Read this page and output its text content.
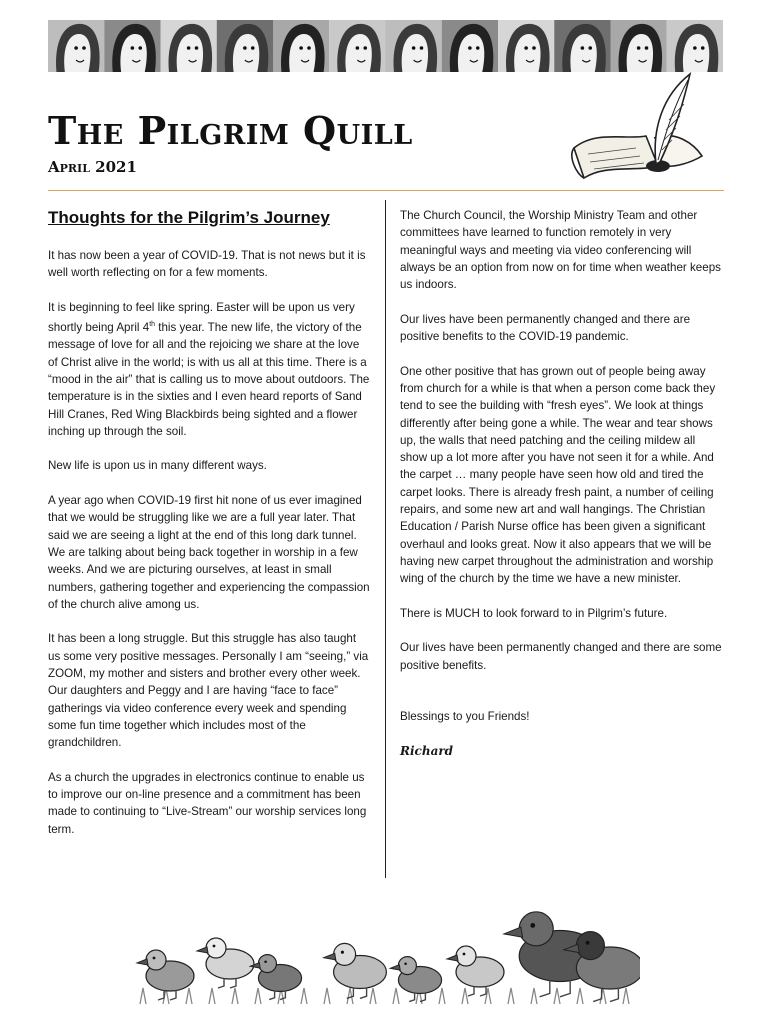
The Pilgrim Quill
April 2021
Thoughts for the Pilgrim’s Journey

It has now been a year of COVID-19. That is not news but it is well worth reflecting on for a few moments.

It is beginning to feel like spring. Easter will be upon us very shortly being April 4th this year. The new life, the victory of the message of love for all and the rejoicing we share at the love of Christ alive in the world; is with us all at this time. There is a “mood in the air” that is calling us to move about outdoors. The temperature is in the sixties and I even heard reports of Sand Hill Cranes, Red Wing Blackbirds being sighted and a flower inching up through the soil.

New life is upon us in many different ways.

A year ago when COVID-19 first hit none of us ever imagined that we would be struggling like we are a full year later. That said we are seeing a light at the end of this long dark tunnel. We are talking about being back together in worship in a few weeks. And we are picturing ourselves, at least in small numbers, gathering together and experiencing the compassion of the church alive among us.

It has been a long struggle. But this struggle has also taught us some very positive messages. Personally I am “seeing,” via ZOOM, my mother and sisters and brother every other week. Our daughters and Peggy and I are having “face to face” gatherings via video conference every week and spending some fun time together which includes most of the grandchildren.

As a church the upgrades in electronics continue to enable us to improve our on-line presence and a commitment has been made to continuing to “Live-Stream” our worship services long term.

The Church Council, the Worship Ministry Team and other committees have learned to function remotely in very meaningful ways and meeting via video conferencing will always be an option from now on for time when weather keeps us indoors.

Our lives have been permanently changed and there are positive benefits to the COVID-19 pandemic.

One other positive that has grown out of people being away from church for a while is that when a person come back they tend to see the building with “fresh eyes”. We look at things differently after being gone a while. The wear and tear shows up, the walls that need patching and the ceiling mildew all show up a lot more after you have not seen it for a while. And the carpet … many people have seen how old and tired the carpet looks. There is already fresh paint, a number of ceiling repairs, and some new art and wall hangings. The Christian Education / Parish Nurse office has been given a significant overhaul and looks great. Now it also appears that we will be having new carpet throughout the administration and worship wing of the church by the time we have a new minister.

There is MUCH to look forward to in Pilgrim’s future.

Our lives have been permanently changed and there are some positive benefits.

Blessings to you Friends!

Richard
